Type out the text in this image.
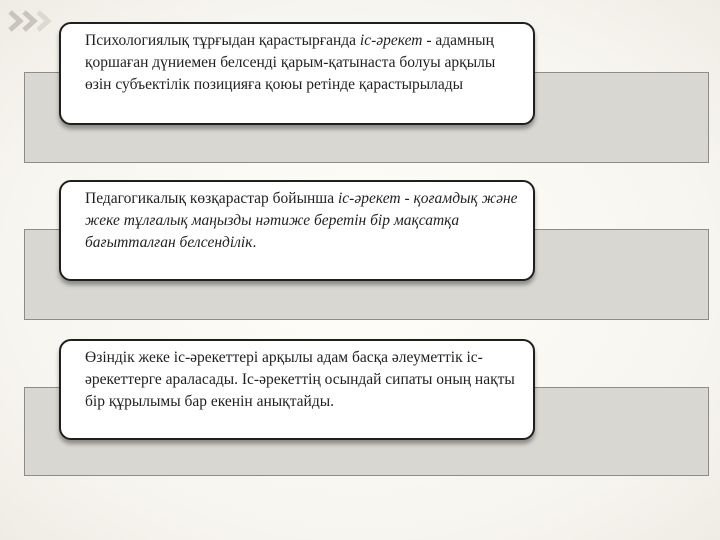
Психологиялық тұрғыдан қарастырғанда іс-әрекет - адамның қоршаған дүниемен белсенді қарым-қатынаста болуы арқылы өзін субъектілік позицияға қоюы ретінде қарастырылады

Педагогикалық көзқарастар бойынша іс-әрекет - қоғамдық және жеке тұлғалық маңызды нәтиже беретін бір мақсатқа бағытталған белсенділік.

Өзіндік жеке іс-әрекеттері арқылы адам басқа әлеуметтік іс-әрекеттерге араласады. Іс-әрекеттің осындай сипаты оның нақты бір құрылымы бар екенін анықтайды.
